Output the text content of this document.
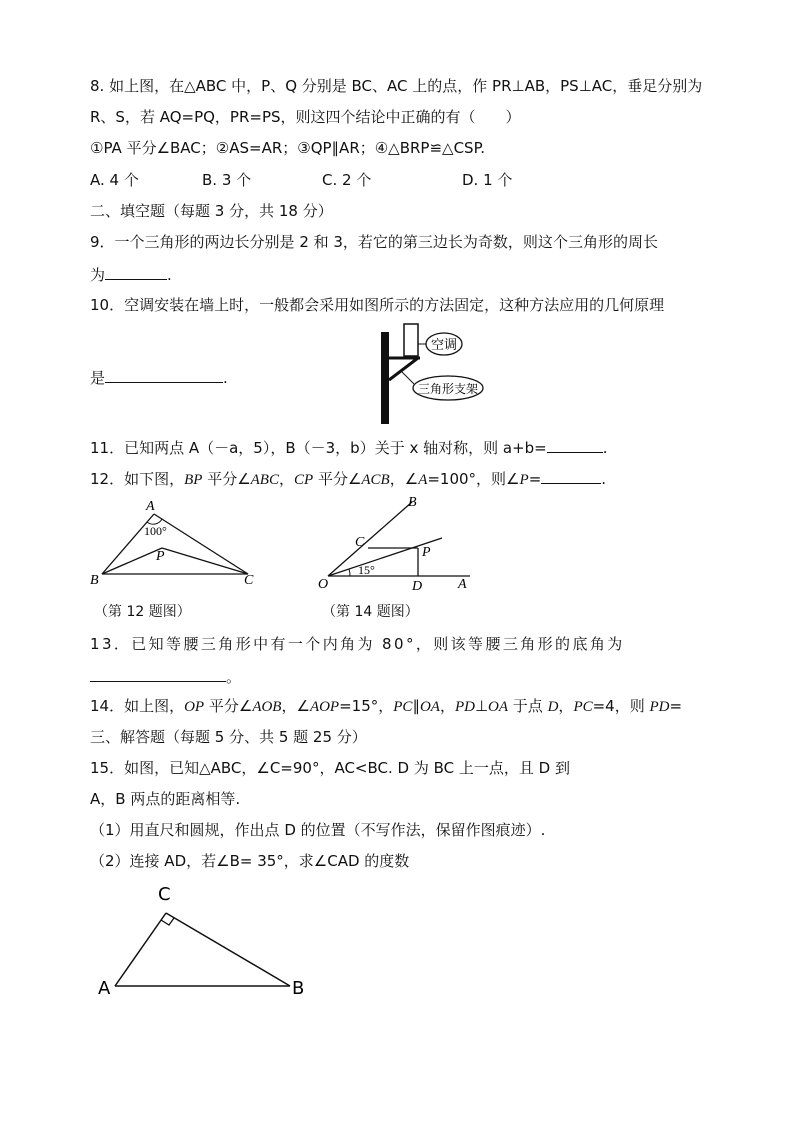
8. 如上图，在△ABC 中，P、Q 分别是 BC、AC 上的点，作 PR⊥AB，PS⊥AC，垂足分别为
R、S，若 AQ=PQ，PR=PS，则这四个结论中正确的有（　　）
①PA 平分∠BAC；②AS=AR；③QP∥AR；④△BRP≌△CSP.
A. 4 个	B. 3 个	C. 2 个	D. 1 个
二、填空题（每题 3 分，共 18 分）
9．一个三角形的两边长分别是 2 和 3，若它的第三边长为奇数，则这个三角形的周长
为	.
10．空调安装在墙上时，一般都会采用如图所示的方法固定，这种方法应用的几何原理
是	.
空调
三角形支架
11．已知两点 A（－a，5），B（－3，b）关于 x 轴对称，则 a+b=	.
12．如下图，BP 平分∠ABC，CP 平分∠ACB，∠A=100°，则∠P=	.
A
B	C
P
100°
（第 12 题图）
O	A
B
C
D
P
15°
（第 14 题图）
13．已知等腰三角形中有一个内角为 80°，则该等腰三角形的底角为
。
14．如上图，OP 平分∠AOB，∠AOP=15°，PC∥OA，PD⊥OA 于点 D，PC=4，则 PD=
三、解答题（每题 5 分、共 5 题 25 分）
15．如图，已知△ABC，∠C=90°，AC<BC. D 为 BC 上一点，且 D 到
A，B 两点的距离相等.
（1）用直尺和圆规，作出点 D 的位置（不写作法，保留作图痕迹）.
（2）连接 AD，若∠B= 35°，求∠CAD 的度数
A	B
C
